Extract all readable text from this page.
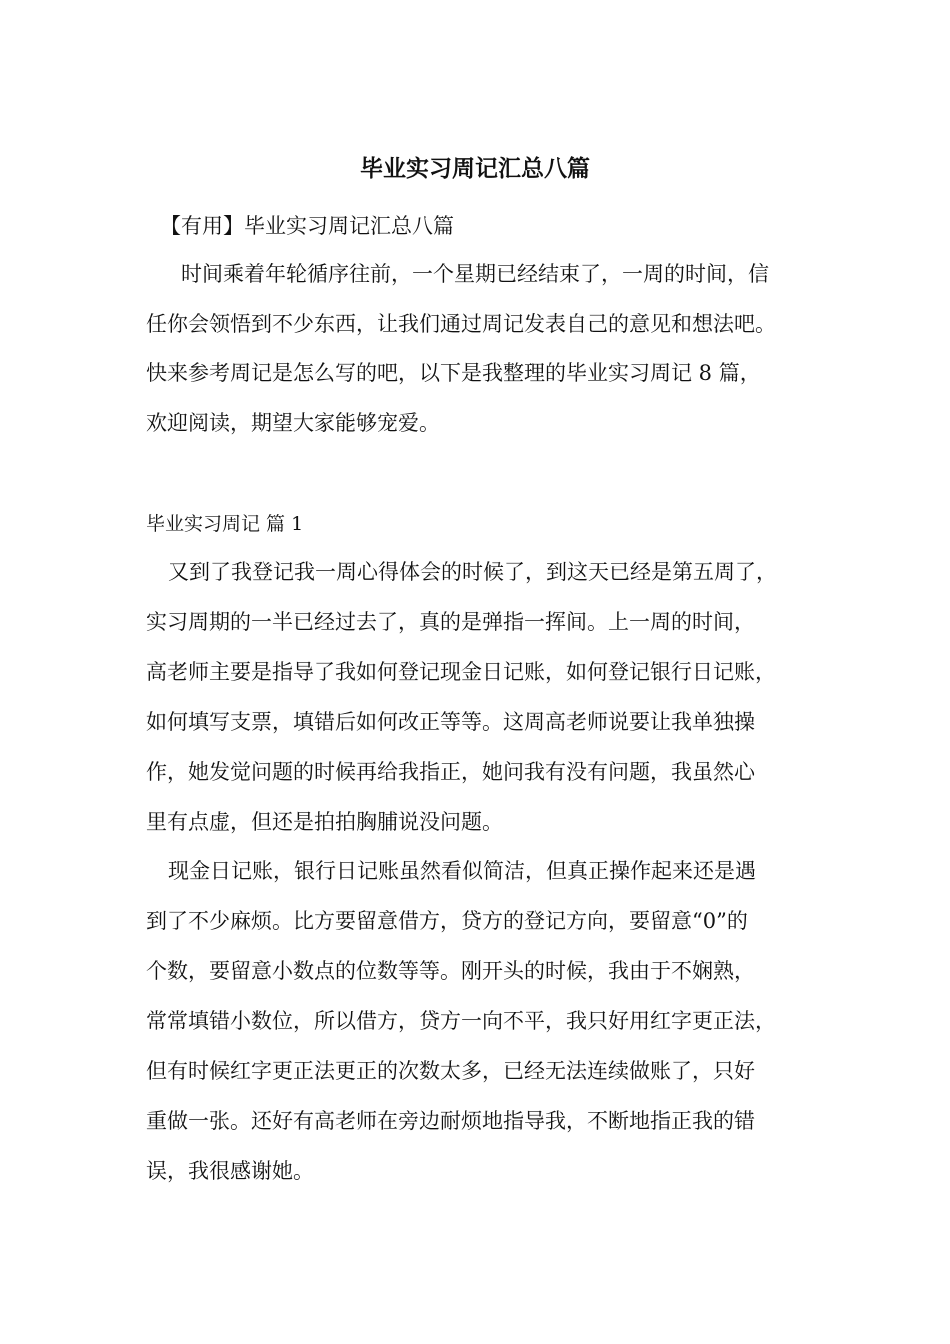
毕业实习周记汇总八篇
【有用】毕业实习周记汇总八篇
　时间乘着年轮循序往前，一个星期已经结束了，一周的时间，信
任你会领悟到不少东西，让我们通过周记发表自己的意见和想法吧。
快来参考周记是怎么写的吧，以下是我整理的毕业实习周记 8 篇，
欢迎阅读，期望大家能够宠爱。
毕业实习周记 篇 1
又到了我登记我一周心得体会的时候了，到这天已经是第五周了，
实习周期的一半已经过去了，真的是弹指一挥间。上一周的时间，
高老师主要是指导了我如何登记现金日记账，如何登记银行日记账，
如何填写支票，填错后如何改正等等。这周高老师说要让我单独操
作，她发觉问题的时候再给我指正，她问我有没有问题，我虽然心
里有点虚，但还是拍拍胸脯说没问题。
现金日记账，银行日记账虽然看似简洁，但真正操作起来还是遇
到了不少麻烦。比方要留意借方，贷方的登记方向，要留意“0”的
个数，要留意小数点的位数等等。刚开头的时候，我由于不娴熟，
常常填错小数位，所以借方，贷方一向不平，我只好用红字更正法，
但有时候红字更正法更正的次数太多，已经无法连续做账了，只好
重做一张。还好有高老师在旁边耐烦地指导我，不断地指正我的错
误，我很感谢她。
